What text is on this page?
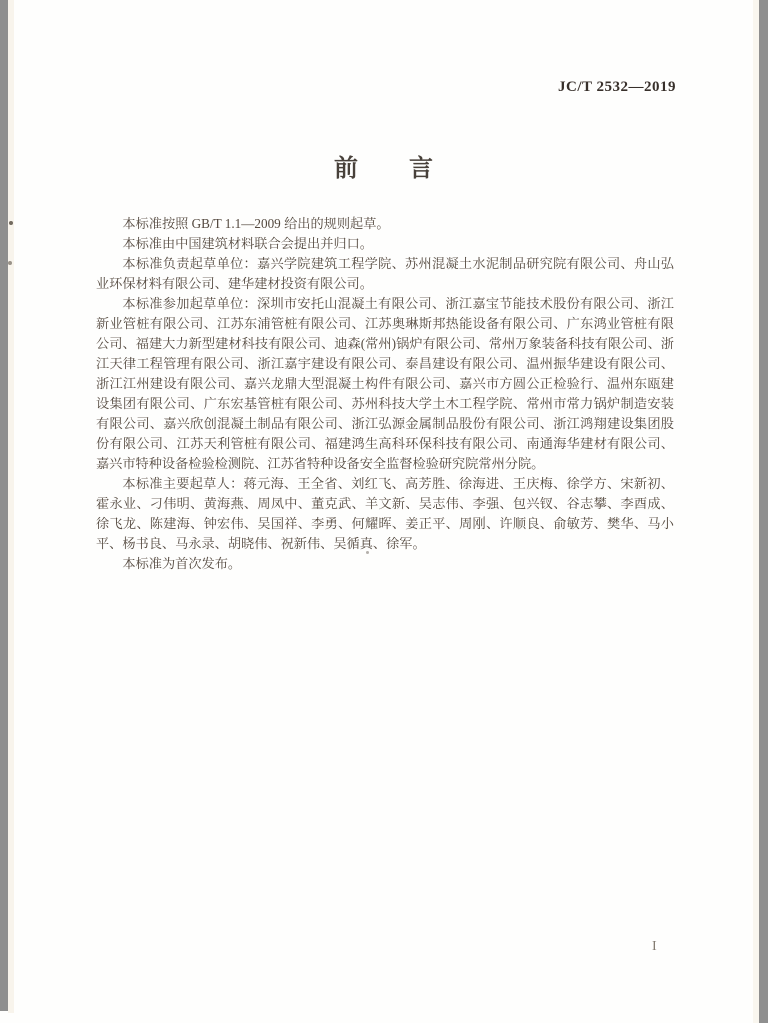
JC/T 2532—2019
前　　言

本标准按照 GB/T 1.1—2009 给出的规则起草。

本标准由中国建筑材料联合会提出并归口。

本标准负责起草单位：嘉兴学院建筑工程学院、苏州混凝土水泥制品研究院有限公司、舟山弘业环保材料有限公司、建华建材投资有限公司。

本标准参加起草单位：深圳市安托山混凝土有限公司、浙江嘉宝节能技术股份有限公司、浙江新业管桩有限公司、江苏东浦管桩有限公司、江苏奥琳斯邦热能设备有限公司、广东鸿业管桩有限公司、福建大力新型建材科技有限公司、迪森(常州)锅炉有限公司、常州万象装备科技有限公司、浙江天律工程管理有限公司、浙江嘉宇建设有限公司、泰昌建设有限公司、温州振华建设有限公司、浙江江州建设有限公司、嘉兴龙鼎大型混凝土构件有限公司、嘉兴市方圆公正检验行、温州东瓯建设集团有限公司、广东宏基管桩有限公司、苏州科技大学土木工程学院、常州市常力锅炉制造安装有限公司、嘉兴欣创混凝土制品有限公司、浙江弘源金属制品股份有限公司、浙江鸿翔建设集团股份有限公司、江苏天利管桩有限公司、福建鸿生高科环保科技有限公司、南通海华建材有限公司、嘉兴市特种设备检验检测院、江苏省特种设备安全监督检验研究院常州分院。

本标准主要起草人：蒋元海、王全省、刘红飞、高芳胜、徐海进、王庆梅、徐学方、宋新初、霍永业、刁伟明、黄海燕、周凤中、董克武、羊文新、吴志伟、李强、包兴钗、谷志攀、李酉成、徐飞龙、陈建海、钟宏伟、吴国祥、李勇、何耀晖、姜正平、周刚、许顺良、俞敏芳、樊华、马小平、杨书良、马永录、胡晓伟、祝新伟、吴循真、徐军。

本标准为首次发布。

I
